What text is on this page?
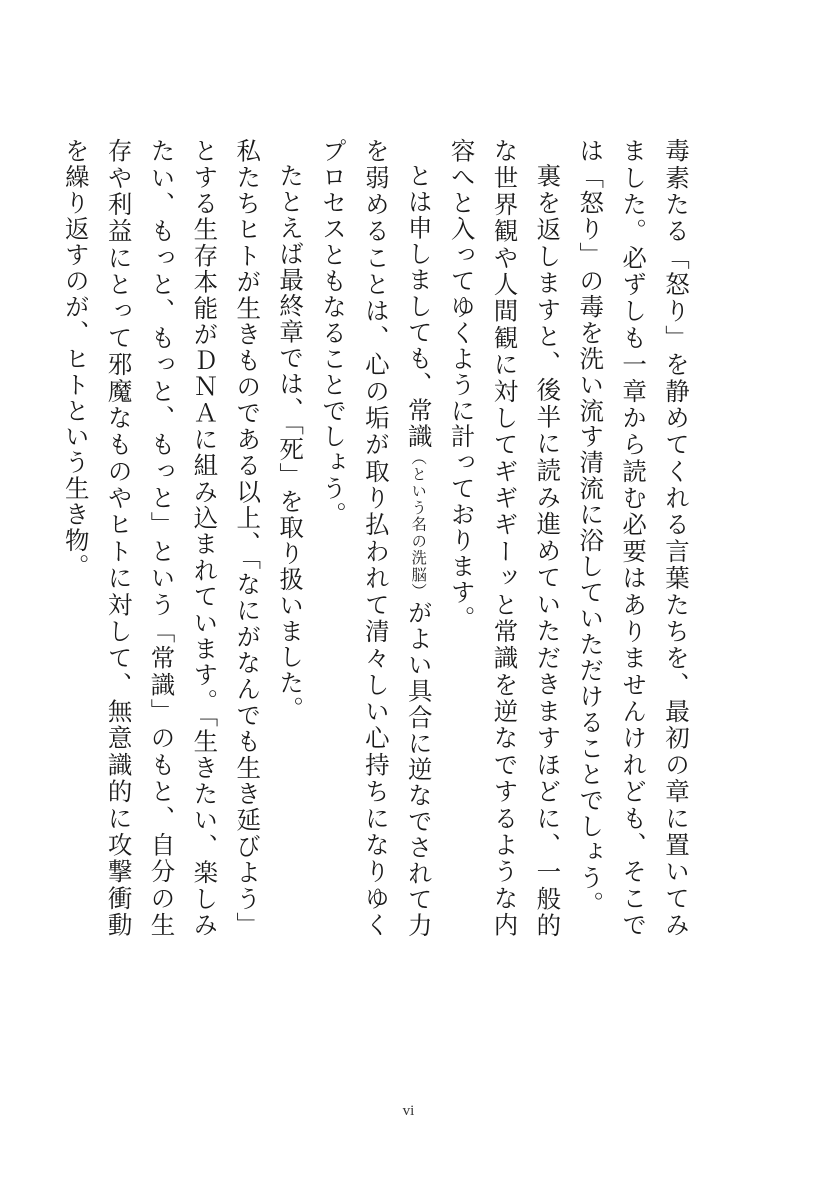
毒素たる「怒り」を静めてくれる言葉たちを、最初の章に置いてみました。必ずしも一章から読む必要はありませんけれども、そこでは「怒り」の毒を洗い流す清流に浴していただけることでしょう。

裏を返しますと、後半に読み進めていただきますほどに、一般的な世界観や人間観に対してギギギーッと常識を逆なでするような内容へと入ってゆくように計っております。

とは申しましても、常識（という名の洗脳）がよい具合に逆なでされて力を弱めることは、心の垢が取り払われて清々しい心持ちになりゆくプロセスともなることでしょう。

たとえば最終章では、「死」を取り扱いました。

私たちヒトが生きものである以上、「なにがなんでも生き延びよう」とする生存本能がＤＮＡに組み込まれています。「生きたい、楽しみたい、もっと、もっと、もっと」という「常識」のもと、自分の生存や利益にとって邪魔なものやヒトに対して、無意識的に攻撃衝動を繰り返すのが、ヒトという生き物。

vi
